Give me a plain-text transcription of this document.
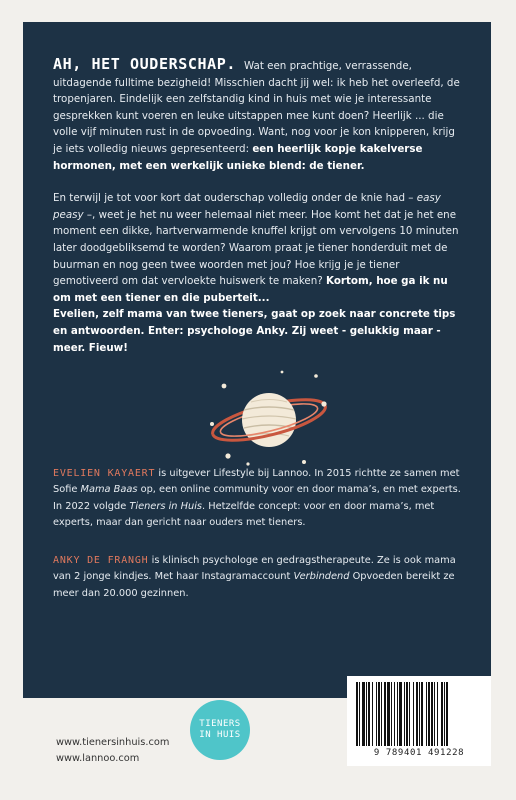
AH, HET OUDERSCHAP. Wat een prachtige, verrassende, uitdagende fulltime bezigheid! Misschien dacht jij wel: ik heb het overleefd, de tropenjaren. Eindelijk een zelfstandig kind in huis met wie je interessante gesprekken kunt voeren en leuke uitstappen mee kunt doen? Heerlijk ... die volle vijf minuten rust in de opvoeding. Want, nog voor je kon knipperen, krijg je iets volledig nieuws gepresenteerd: een heerlijk kopje kakelverse hormonen, met een werkelijk unieke blend: de tiener.

En terwijl je tot voor kort dat ouderschap volledig onder de knie had – easy peasy –, weet je het nu weer helemaal niet meer. Hoe komt het dat je het ene moment een dikke, hartverwarmende knuffel krijgt om vervolgens 10 minuten later doodgebliksemd te worden? Waarom praat je tiener honderduit met de buurman en nog geen twee woorden met jou? Hoe krijg je je tiener gemotiveerd om dat vervloekte huiswerk te maken? Kortom, hoe ga ik nu om met een tiener en die puberteit...
Evelien, zelf mama van twee tieners, gaat op zoek naar concrete tips en antwoorden. Enter: psychologe Anky. Zij weet - gelukkig maar - meer. Fieuw!

EVELIEN KAYAERT is uitgever Lifestyle bij Lannoo. In 2015 richtte ze samen met Sofie Mama Baas op, een online community voor en door mama’s, en met experts. In 2022 volgde Tieners in Huis. Hetzelfde concept: voor en door mama’s, met experts, maar dan gericht naar ouders met tieners.

ANKY DE FRANGH is klinisch psychologe en gedragstherapeute. Ze is ook mama van 2 jonge kindjes. Met haar Instagramaccount Verbindend Opvoeden bereikt ze meer dan 20.000 gezinnen.

9 789401 491228
TIENERS
IN HUIS
www.tienersinhuis.com
www.lannoo.com
